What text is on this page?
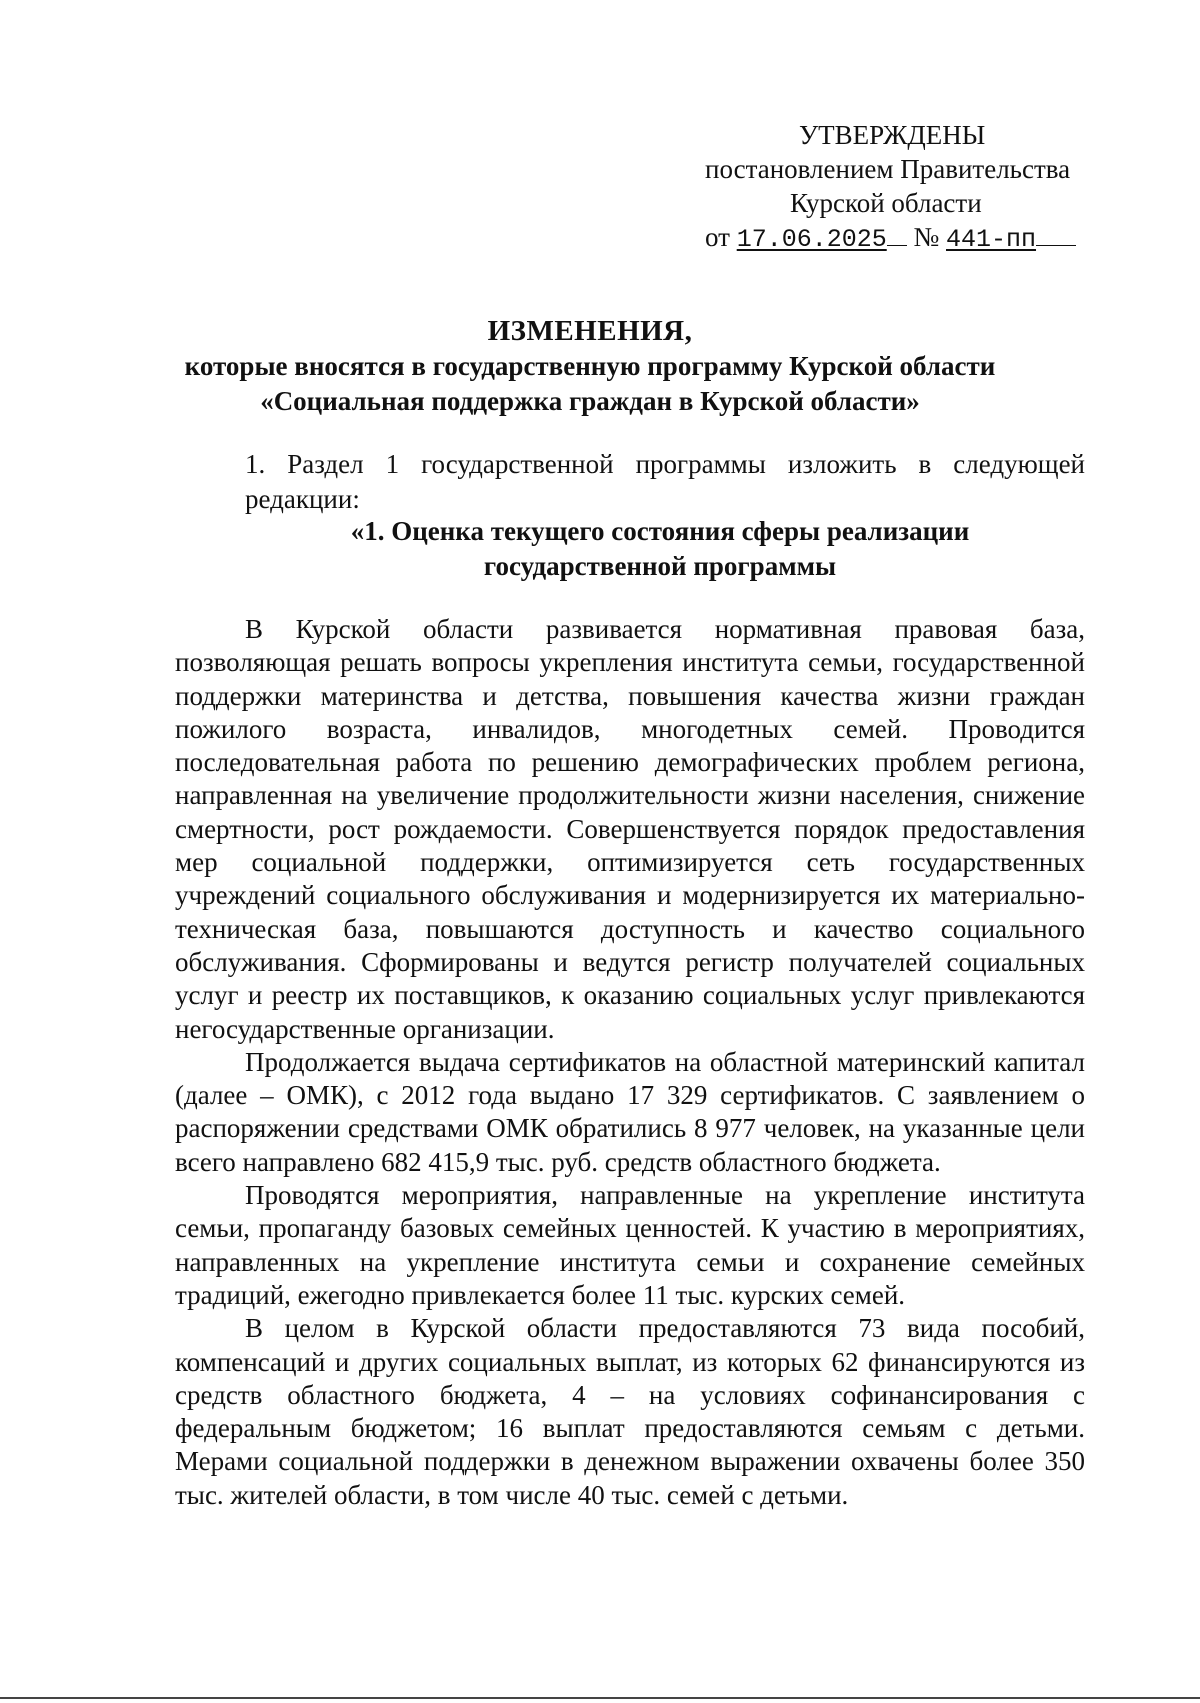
УТВЕРЖДЕНЫ
постановлением Правительства
Курской области
от 17.06.2025 № 441-пп
ИЗМЕНЕНИЯ,
которые вносятся в государственную программу Курской области
«Социальная поддержка граждан в Курской области»
1. Раздел 1 государственной программы изложить в следующей редакции:
«1. Оценка текущего состояния сферы реализации
государственной программы

В Курской области развивается нормативная правовая база, позволяющая решать вопросы укрепления института семьи, государственной поддержки материнства и детства, повышения качества жизни граждан пожилого возраста, инвалидов, многодетных семей. Проводится последовательная работа по решению демографических проблем региона, направленная на увеличение продолжительности жизни населения, снижение смертности, рост рождаемости. Совершенствуется порядок предоставления мер социальной поддержки, оптимизируется сеть государственных учреждений социального обслуживания и модернизируется их материально-техническая база, повышаются доступность и качество социального обслуживания. Сформированы и ведутся регистр получателей социальных услуг и реестр их поставщиков, к оказанию социальных услуг привлекаются негосударственные организации.

Продолжается выдача сертификатов на областной материнский капитал (далее – ОМК), с 2012 года выдано 17 329 сертификатов. С заявлением о распоряжении средствами ОМК обратились 8 977 человек, на указанные цели всего направлено 682 415,9 тыс. руб. средств областного бюджета.

Проводятся мероприятия, направленные на укрепление института семьи, пропаганду базовых семейных ценностей. К участию в мероприятиях, направленных на укрепление института семьи и сохранение семейных традиций, ежегодно привлекается более 11 тыс. курских семей.

В целом в Курской области предоставляются 73 вида пособий, компенсаций и других социальных выплат, из которых 62 финансируются из средств областного бюджета, 4 – на условиях софинансирования с федеральным бюджетом; 16 выплат предоставляются семьям с детьми. Мерами социальной поддержки в денежном выражении охвачены более 350 тыс. жителей области, в том числе 40 тыс. семей с детьми.
